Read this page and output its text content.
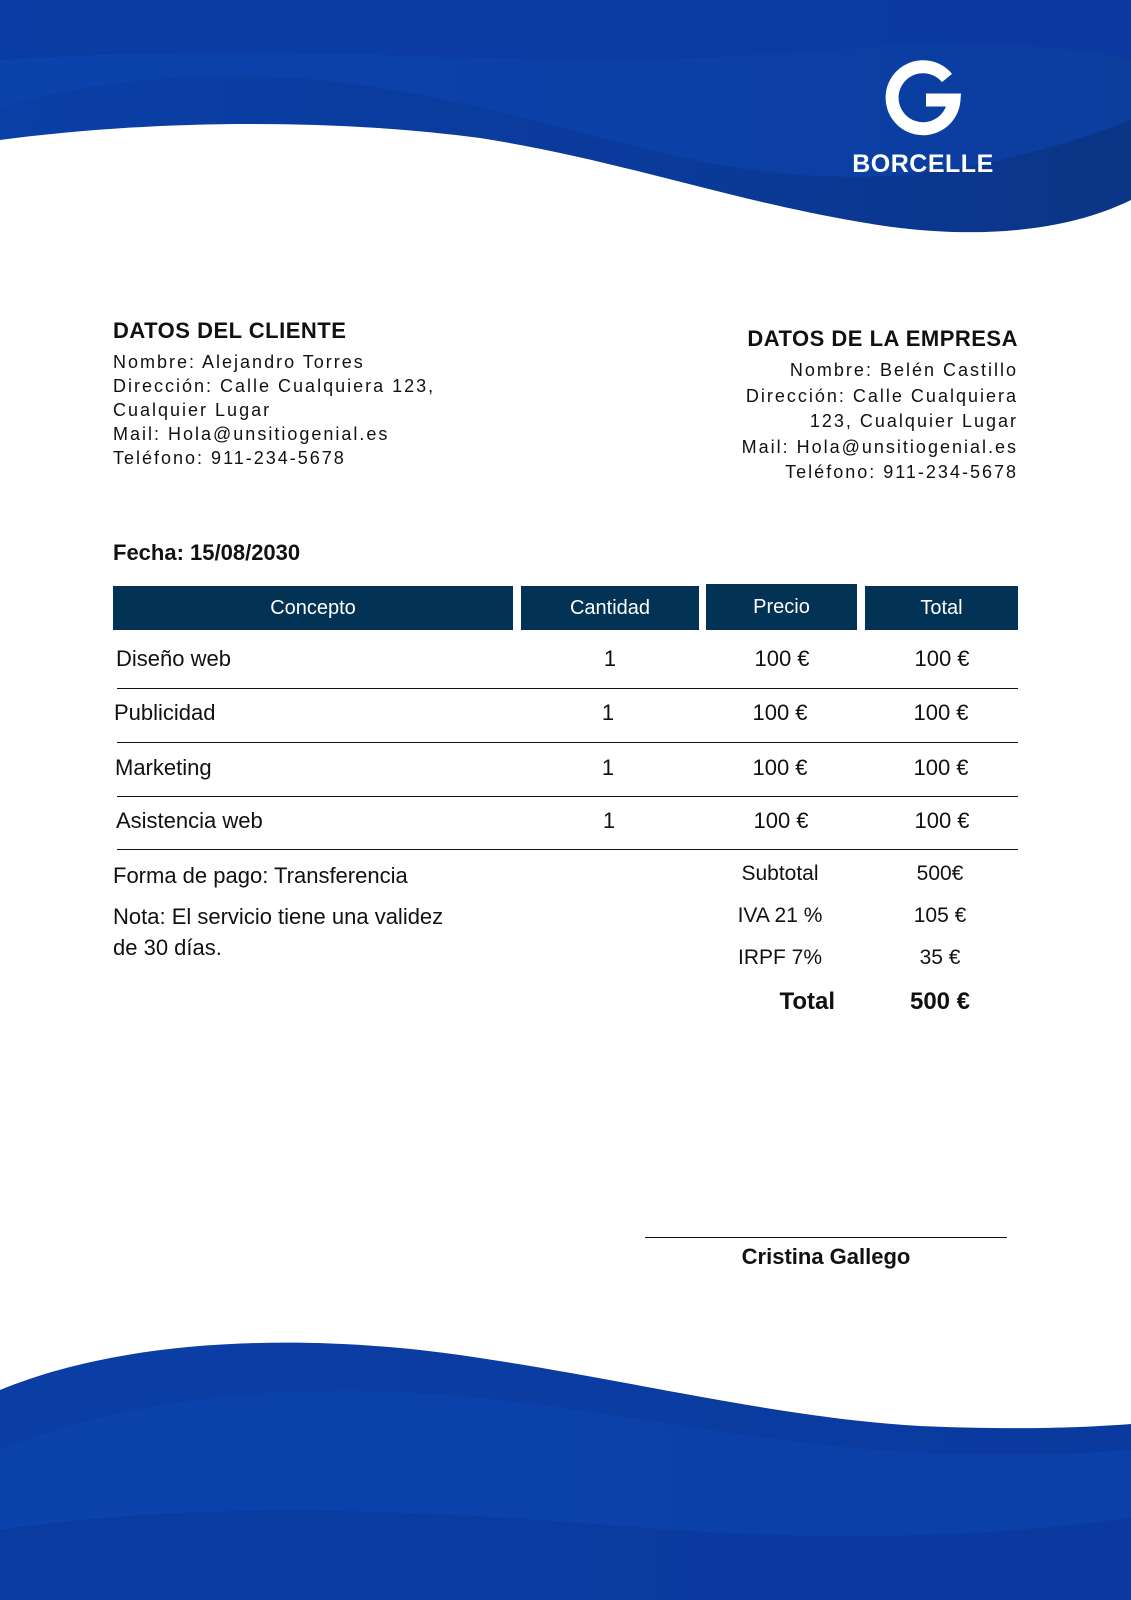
BORCELLE
DATOS DEL CLIENTE
Nombre: Alejandro Torres
Dirección: Calle Cualquiera 123,
Cualquier Lugar
Mail: Hola@unsitiogenial.es
Teléfono: 911-234-5678
DATOS DE LA EMPRESA
Nombre: Belén Castillo
Dirección: Calle Cualquiera
123, Cualquier Lugar
Mail: Hola@unsitiogenial.es
Teléfono: 911-234-5678
Fecha: 15/08/2030
Concepto	Cantidad	Precio	Total
Diseño web	1	100 €	100 €
Publicidad	1	100 €	100 €
Marketing	1	100 €	100 €
Asistencia web	1	100 €	100 €
Forma de pago: Transferencia
Nota: El servicio tiene una validez
de 30 días.
Subtotal	500€
IVA 21 %	105 €
IRPF 7%	35 €
Total	500 €
Cristina Gallego
